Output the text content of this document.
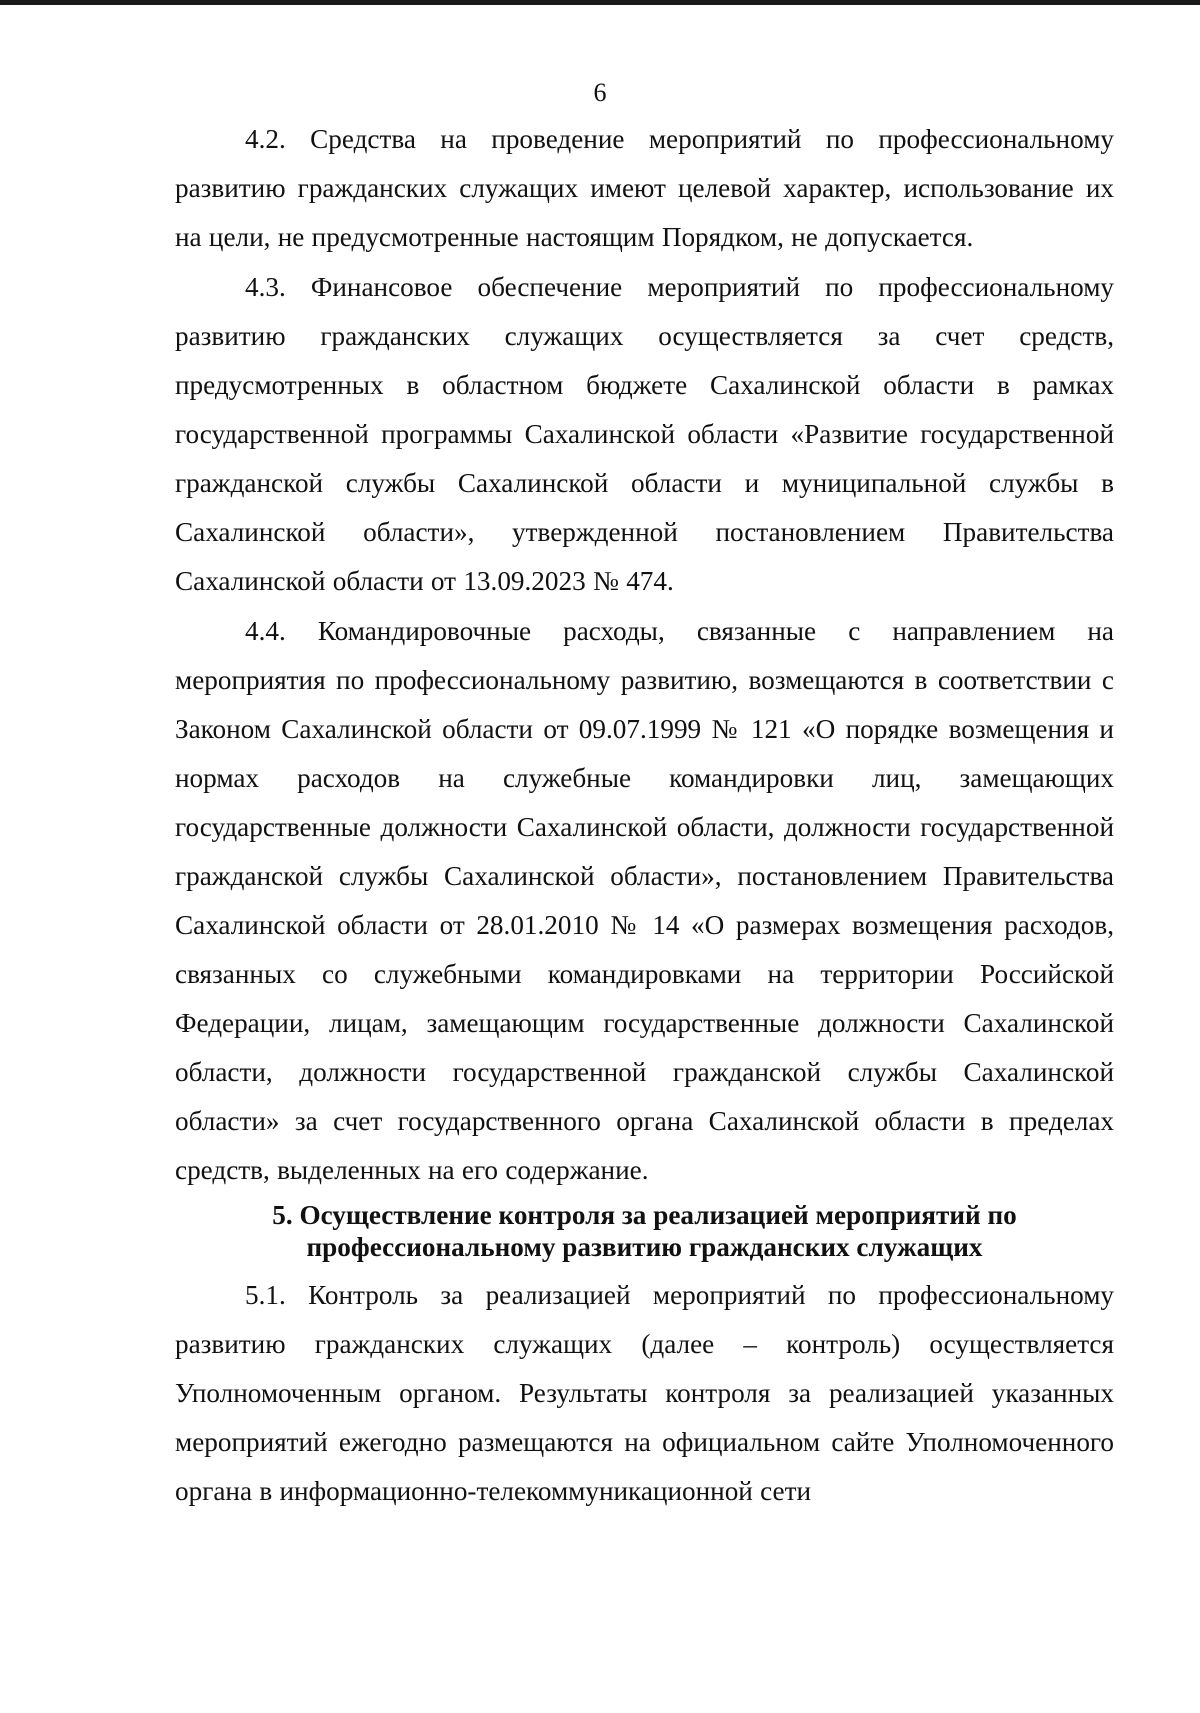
6

4.2. Средства на проведение мероприятий по профессиональному развитию гражданских служащих имеют целевой характер, использование их на цели, не предусмотренные настоящим Порядком, не допускается.

4.3. Финансовое обеспечение мероприятий по профессиональному развитию гражданских служащих осуществляется за счет средств, предусмотренных в областном бюджете Сахалинской области в рамках государственной программы Сахалинской области «Развитие государственной гражданской службы Сахалинской области и муниципальной службы в Сахалинской области», утвержденной постановлением Правительства Сахалинской области от 13.09.2023 № 474.

4.4. Командировочные расходы, связанные с направлением на мероприятия по профессиональному развитию, возмещаются в соответствии с Законом Сахалинской области от 09.07.1999 № 121 «О порядке возмещения и нормах расходов на служебные командировки лиц, замещающих государственные должности Сахалинской области, должности государственной гражданской службы Сахалинской области», постановлением Правительства Сахалинской области от 28.01.2010 № 14 «О размерах возмещения расходов, связанных со служебными командировками на территории Российской Федерации, лицам, замещающим государственные должности Сахалинской области, должности государственной гражданской службы Сахалинской области» за счет государственного органа Сахалинской области в пределах средств, выделенных на его содержание.

5. Осуществление контроля за реализацией мероприятий по
профессиональному развитию гражданских служащих

5.1. Контроль за реализацией мероприятий по профессиональному развитию гражданских служащих (далее – контроль) осуществляется Уполномоченным органом. Результаты контроля за реализацией указанных мероприятий ежегодно размещаются на официальном сайте Уполномоченного органа в информационно-телекоммуникационной сети
